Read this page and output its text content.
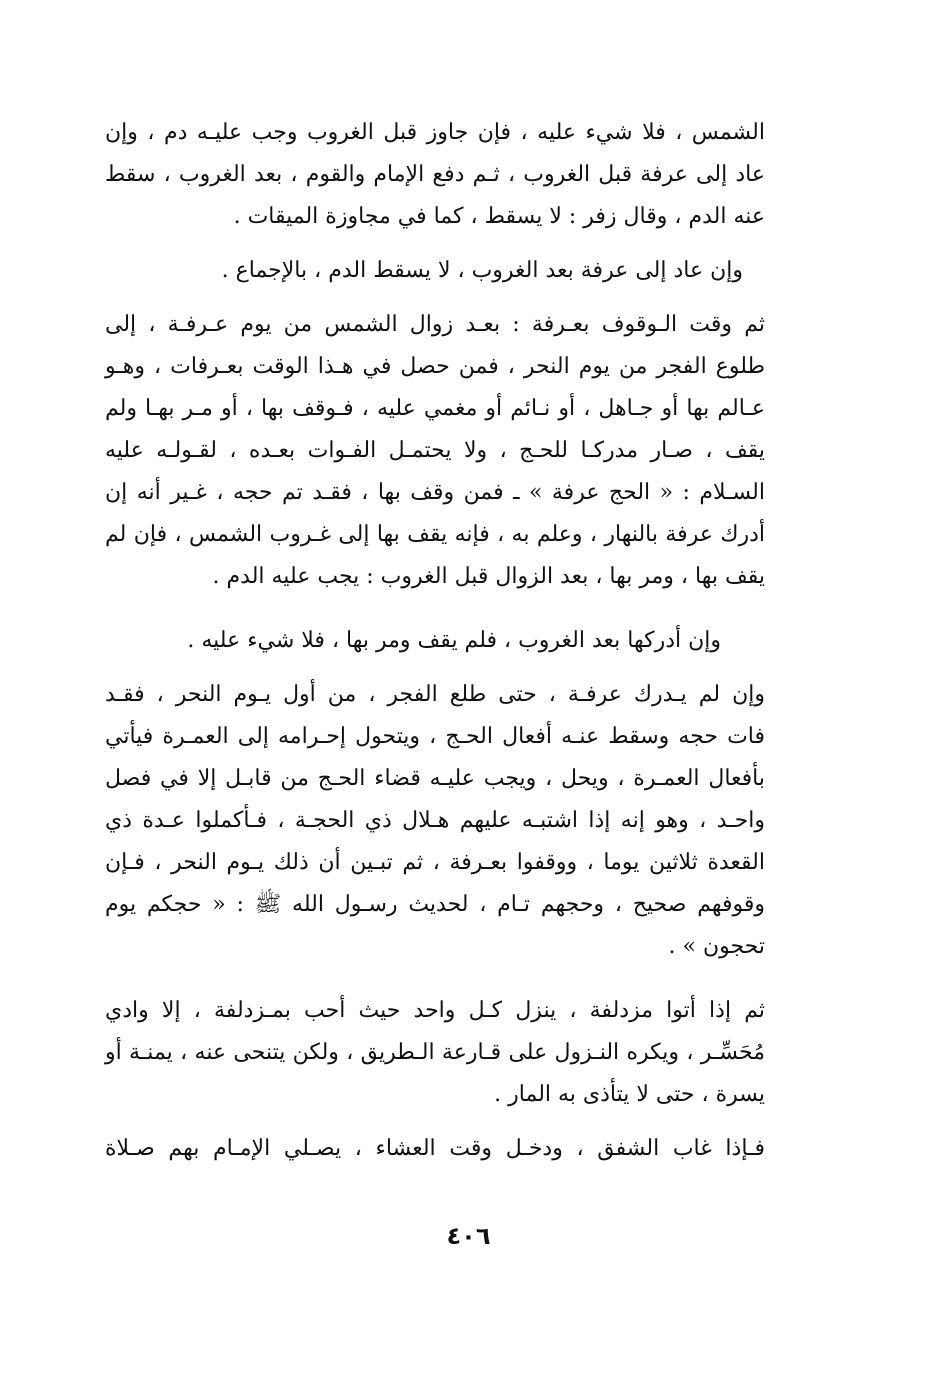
الشمس ، فلا شيء عليه ، فإن جاوز قبل الغروب وجب عليـه دم ، وإن
عاد إلى عرفة قبل الغروب ، ثـم دفع الإمام والقوم ، بعد الغروب ، سقط
عنه الدم ، وقال زفر : لا يسقط ، كما في مجاوزة الميقات .

وإن عاد إلى عرفة بعد الغروب ، لا يسقط الدم ، بالإجماع .

ثم وقت الـوقوف بعـرفة : بعـد زوال الشمس من يوم عـرفـة ، إلى
طلوع الفجر من يوم النحر ، فمن حصل في هـذا الوقت بعـرفات ، وهـو
عـالم بها أو جـاهل ، أو نـائم أو مغمي عليه ، فـوقف بها ، أو مـر بهـا ولم
يقف ، صـار مدركـا للحـج ، ولا يحتمـل الفـوات بعـده ، لقـولـه عليه
السـلام : « الحج عرفة » ـ فمن وقف بها ، فقـد تم حجه ، غـير أنه إن
أدرك عرفة بالنهار ، وعلم به ، فإنه يقف بها إلى غـروب الشمس ، فإن لم
يقف بها ، ومر بها ، بعد الزوال قبل الغروب : يجب عليه الدم .

وإن أدركها بعد الغروب ، فلم يقف ومر بها ، فلا شيء عليه .

وإن لم يـدرك عرفـة ، حتى طلع الفجر ، من أول يـوم النحر ، فقـد
فات حجه وسقط عنـه أفعال الحـج ، ويتحول إحـرامه إلى العمـرة فيأتي
بأفعال العمـرة ، ويحل ، ويجب عليـه قضاء الحـج من قابـل إلا في فصل
واحـد ، وهو إنه إذا اشتبـه عليهم هـلال ذي الحجـة ، فـأكملوا عـدة ذي
القعدة ثلاثين يوما ، ووقفوا بعـرفة ، ثم تبـين أن ذلك يـوم النحر ، فـإن
وقوفهم صحيح ، وحجهم تـام ، لحديث رسـول الله ﷺ : « حجكم يوم
تحجون » .

ثم إذا أتوا مزدلفة ، ينزل كـل واحد حيث أحب بمـزدلفة ، إلا وادي
مُحَسِّـر ، ويكره النـزول على قـارعة الـطريق ، ولكن يتنحى عنه ، يمنـة أو
يسرة ، حتى لا يتأذى به المار .

فـإذا غاب الشفق ، ودخـل وقت العشاء ، يصـلي الإمـام بهم صـلاة

٤٠٦
